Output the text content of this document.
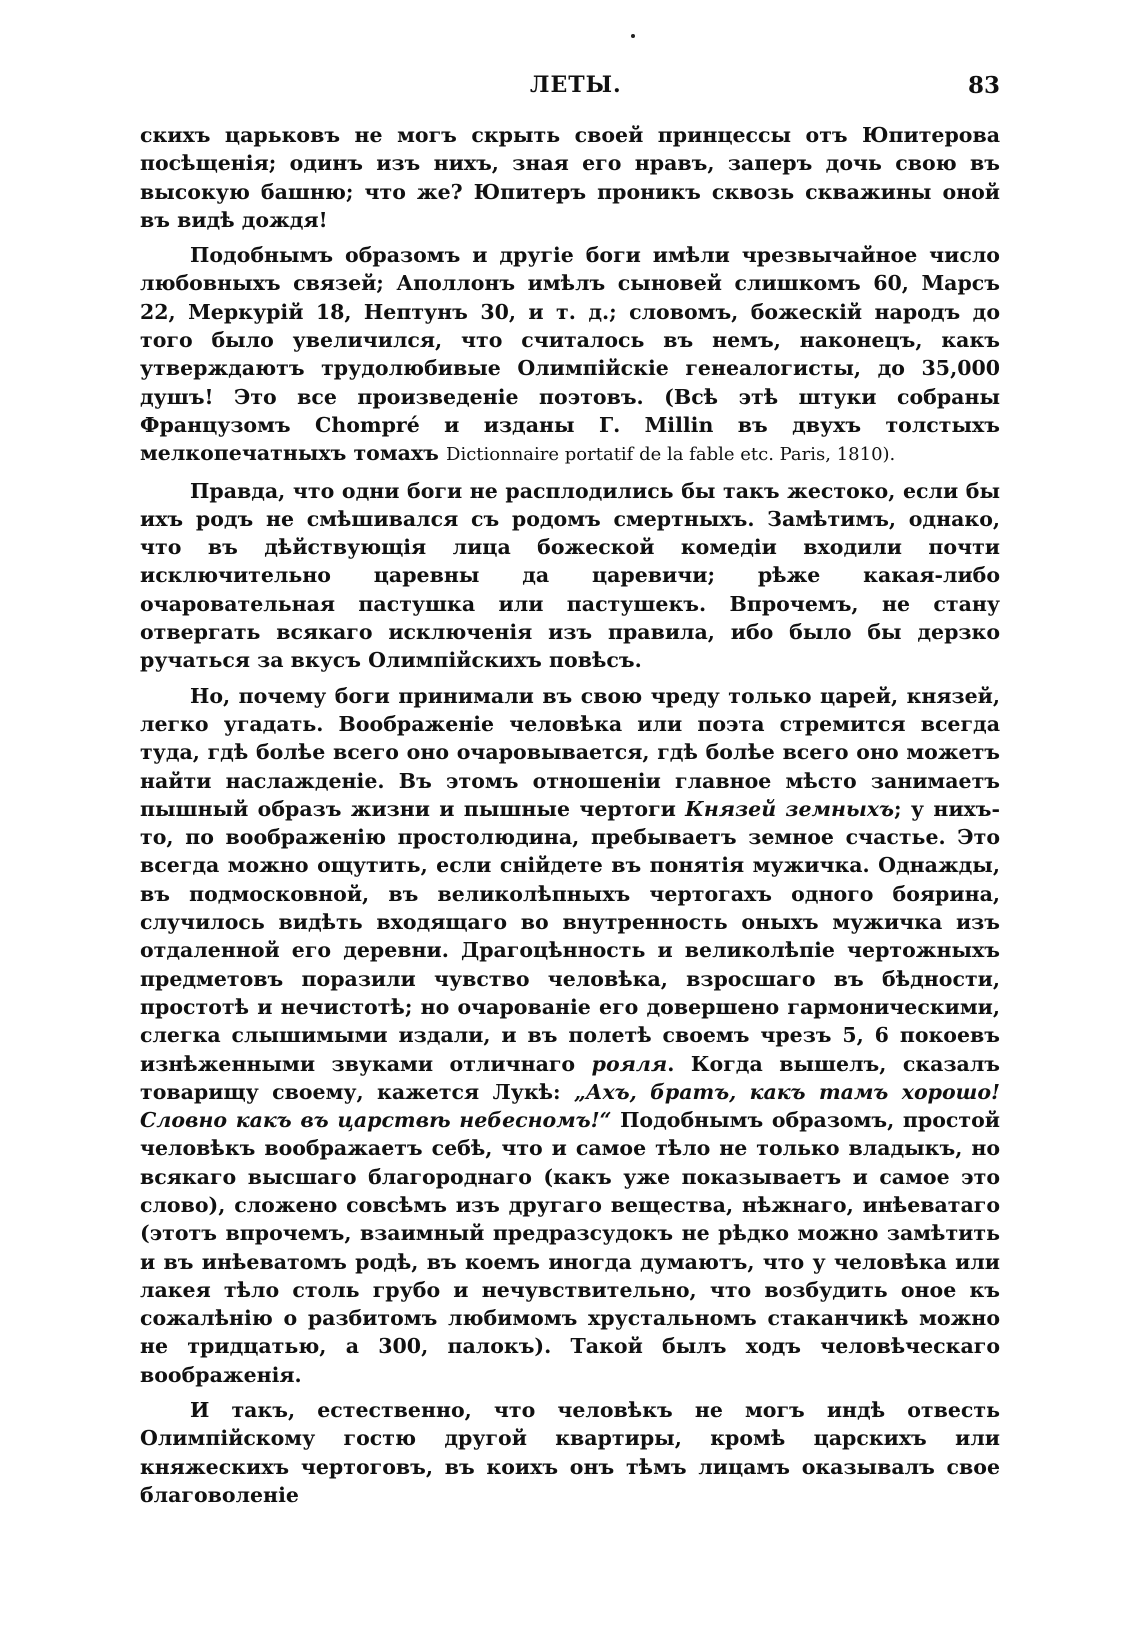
ЛЕТЫ.	83

скихъ царьковъ не могъ скрыть своей принцессы отъ Юпитерова посѣщенія; одинъ изъ нихъ, зная его нравъ, заперъ дочь свою въ высокую башню; что же? Юпитеръ проникъ сквозь скважины оной въ видѣ дождя!

Подобнымъ образомъ и другіе боги имѣли чрезвычайное число любовныхъ связей; Аполлонъ имѣлъ сыновей слишкомъ 60, Марсъ 22, Меркурій 18, Нептунъ 30, и т. д.; словомъ, божескій народъ до того было увеличился, что считалось въ немъ, наконецъ, какъ утверждаютъ трудолюбивые Олимпійскіе генеалогисты, до 35,000 душъ! Это все произведеніе поэтовъ. (Всѣ этѣ штуки собраны Французомъ Chompré и изданы Г. Millin въ двухъ толстыхъ мелкопечатныхъ томахъ Dictionnaire portatif de la fable etc. Paris, 1810).

Правда, что одни боги не расплодились бы такъ жестоко, если бы ихъ родъ не смѣшивался съ родомъ смертныхъ. Замѣтимъ, однако, что въ дѣйствующія лица божеской комедіи входили почти исключительно царевны да царевичи; рѣже какая-либо очаровательная пастушка или пастушекъ. Впрочемъ, не стану отвергать всякаго исключенія изъ правила, ибо было бы дерзко ручаться за вкусъ Олимпійскихъ повѣсъ.

Но, почему боги принимали въ свою чреду только царей, князей, легко угадать. Воображеніе человѣка или поэта стремится всегда туда, гдѣ болѣе всего оно очаровывается, гдѣ болѣе всего оно можетъ найти наслажденіе. Въ этомъ отношеніи главное мѣсто занимаетъ пышный образъ жизни и пышные чертоги Князей земныхъ; у нихъ-то, по воображенію простолюдина, пребываетъ земное счастье. Это всегда можно ощутить, если снійдете въ понятія мужичка. Однажды, въ подмосковной, въ великолѣпныхъ чертогахъ одного боярина, случилось видѣть входящаго во внутренность оныхъ мужичка изъ отдаленной его деревни. Драгоцѣнность и великолѣпіе чертожныхъ предметовъ поразили чувство человѣка, взросшаго въ бѣдности, простотѣ и нечистотѣ; но очарованіе его довершено гармоническими, слегка слышимыми издали, и въ полетѣ своемъ чрезъ 5, 6 покоевъ изнѣженными звуками отличнаго рояля. Когда вышелъ, сказалъ товарищу своему, кажется Лукѣ: „Ахъ, братъ, какъ тамъ хорошо! Словно какъ въ царствѣ небесномъ!“ Подобнымъ образомъ, простой человѣкъ воображаетъ себѣ, что и самое тѣло не только владыкъ, но всякаго высшаго благороднаго (какъ уже показываетъ и самое это слово), сложено совсѣмъ изъ другаго вещества, нѣжнаго, инѣеватаго (этотъ впрочемъ, взаимный предразсудокъ не рѣдко можно замѣтить и въ инѣеватомъ родѣ, въ коемъ иногда думаютъ, что у человѣка или лакея тѣло столь грубо и нечувствительно, что возбудить оное къ сожалѣнію о разбитомъ любимомъ хрустальномъ стаканчикѣ можно не тридцатью, а 300, палокъ). Такой былъ ходъ человѣческаго воображенія.

И такъ, естественно, что человѣкъ не могъ индѣ отвесть Олимпійскому гостю другой квартиры, кромѣ царскихъ или княжескихъ чертоговъ, въ коихъ онъ тѣмъ лицамъ оказывалъ свое благоволеніе
